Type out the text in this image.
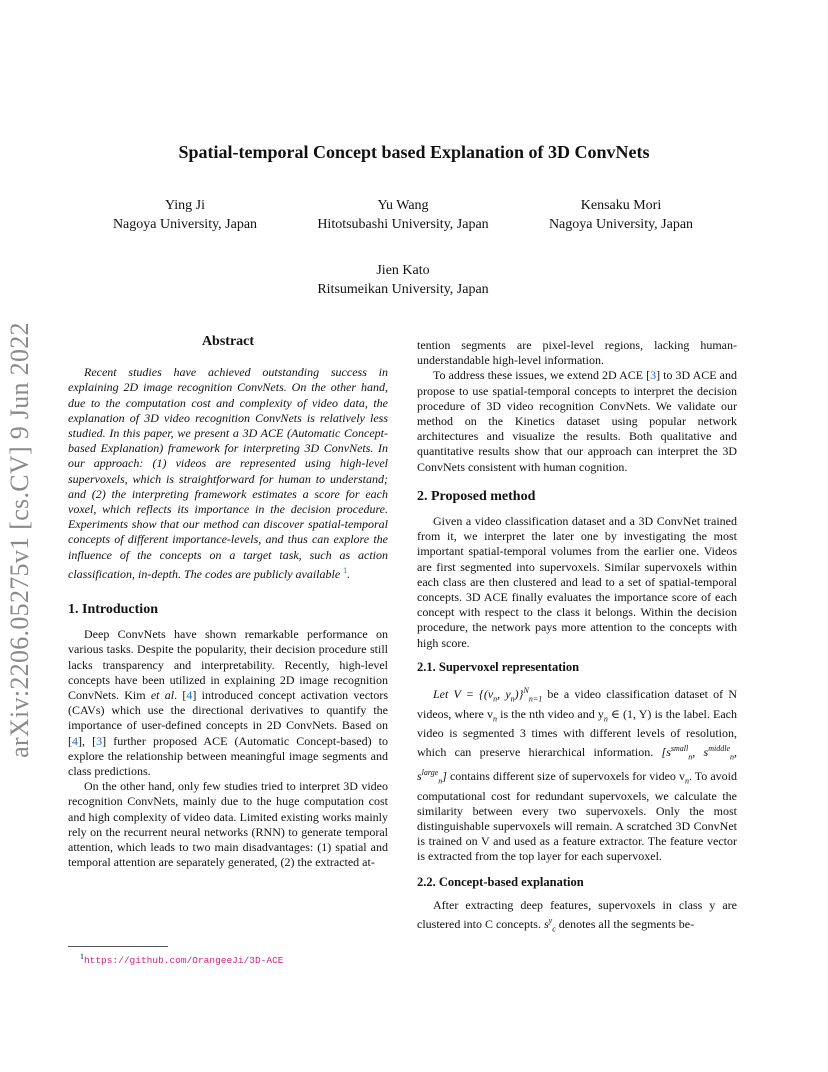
arXiv:2206.05275v1 [cs.CV] 9 Jun 2022
Spatial-temporal Concept based Explanation of 3D ConvNets
Ying Ji
Nagoya University, Japan
Yu Wang
Hitotsubashi University, Japan
Kensaku Mori
Nagoya University, Japan
Jien Kato
Ritsumeikan University, Japan
Abstract

Recent studies have achieved outstanding success in explaining 2D image recognition ConvNets. On the other hand, due to the computation cost and complexity of video data, the explanation of 3D video recognition ConvNets is relatively less studied. In this paper, we present a 3D ACE (Automatic Concept-based Explanation) framework for interpreting 3D ConvNets. In our approach: (1) videos are represented using high-level supervoxels, which is straightforward for human to understand; and (2) the interpreting framework estimates a score for each voxel, which reflects its importance in the decision procedure. Experiments show that our method can discover spatial-temporal concepts of different importance-levels, and thus can explore the influence of the concepts on a target task, such as action classification, in-depth. The codes are publicly available $^1$.

1. Introduction

Deep ConvNets have shown remarkable performance on various tasks. Despite the popularity, their decision procedure still lacks transparency and interpretability. Recently, high-level concepts have been utilized in explaining 2D image recognition ConvNets. Kim et al. [4] introduced concept activation vectors (CAVs) which use the directional derivatives to quantify the importance of user-defined concepts in 2D ConvNets. Based on [4], [3] further proposed ACE (Automatic Concept-based) to explore the relationship between meaningful image segments and class predictions.

On the other hand, only few studies tried to interpret 3D video recognition ConvNets, mainly due to the huge computation cost and high complexity of video data. Limited existing works mainly rely on the recurrent neural networks (RNN) to generate temporal attention, which leads to two main disadvantages: (1) spatial and temporal attention are separately generated, (2) the extracted at-

$^1$https://github.com/OrangeeJi/3D-ACE

tention segments are pixel-level regions, lacking human-understandable high-level information.

To address these issues, we extend 2D ACE [3] to 3D ACE and propose to use spatial-temporal concepts to interpret the decision procedure of 3D video recognition ConvNets. We validate our method on the Kinetics dataset using popular network architectures and visualize the results. Both qualitative and quantitative results show that our approach can interpret the 3D ConvNets consistent with human cognition.

2. Proposed method

Given a video classification dataset and a 3D ConvNet trained from it, we interpret the later one by investigating the most important spatial-temporal volumes from the earlier one. Videos are first segmented into supervoxels. Similar supervoxels within each class are then clustered and lead to a set of spatial-temporal concepts. 3D ACE finally evaluates the importance score of each concept with respect to the class it belongs. Within the decision procedure, the network pays more attention to the concepts with high score.

2.1. Supervoxel representation

Let $V = \{(v_n$, $y_n)\}^N_{n=1}$ be a video classification dataset of N videos, where $v_n$ is the nth video and $y_n$ ∈ (1, Y) is the label. Each video is segmented 3 times with different levels of resolution, which can preserve hierarchical information. [$s^{small}_n$, $s^{middle}_n$, $s^{large}_n$] contains different size of supervoxels for video $v_n$. To avoid computational cost for redundant supervoxels, we calculate the similarity between every two supervoxels. Only the most distinguishable supervoxels will remain. A scratched 3D ConvNet is trained on V and used as a feature extractor. The feature vector is extracted from the top layer for each supervoxel.

2.2. Concept-based explanation

After extracting deep features, supervoxels in class y are clustered into C concepts. $s^y_c$ denotes all the segments be-
